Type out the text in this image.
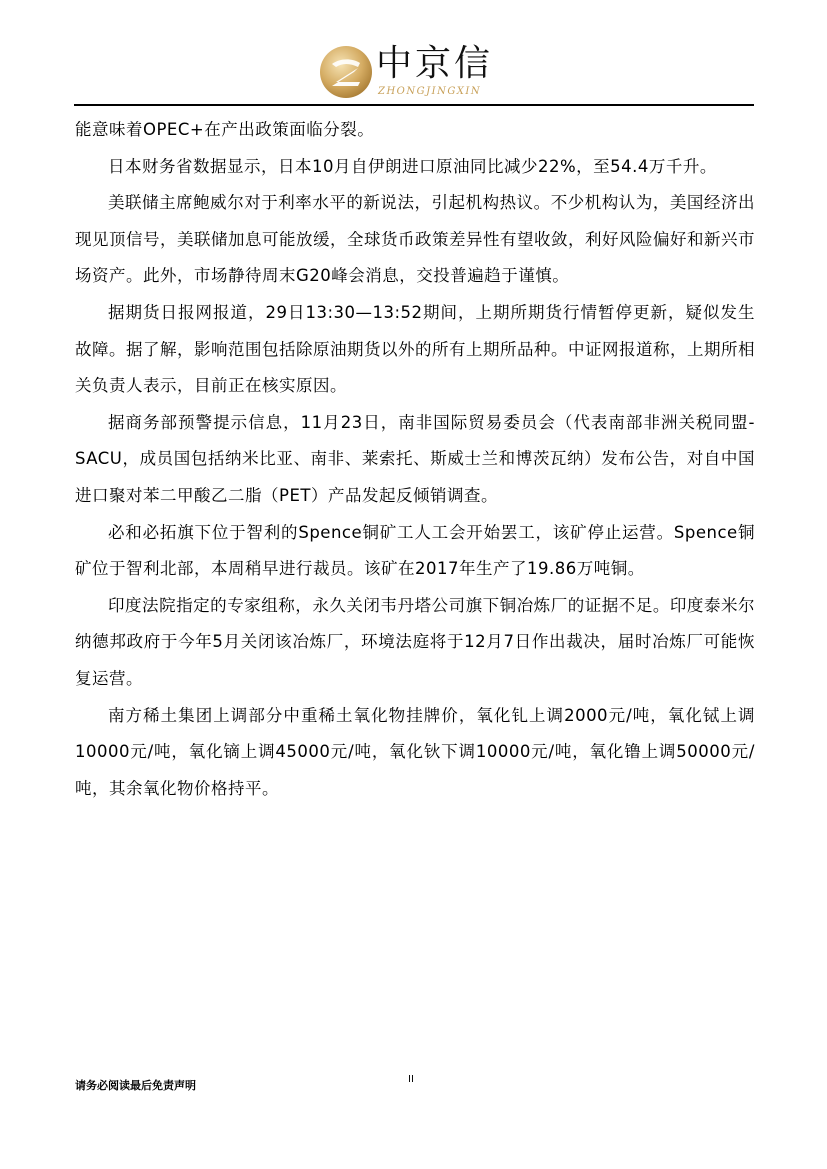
中京信
ZHONGJINGXIN

能意味着OPEC+在产出政策面临分裂。

日本财务省数据显示，日本10月自伊朗进口原油同比减少22%，至54.4万千升。

美联储主席鲍威尔对于利率水平的新说法，引起机构热议。不少机构认为，美国经济出现见顶信号，美联储加息可能放缓，全球货币政策差异性有望收敛，利好风险偏好和新兴市场资产。此外，市场静待周末G20峰会消息，交投普遍趋于谨慎。

据期货日报网报道，29日13:30—13:52期间，上期所期货行情暂停更新，疑似发生故障。据了解，影响范围包括除原油期货以外的所有上期所品种。中证网报道称，上期所相关负责人表示，目前正在核实原因。

据商务部预警提示信息，11月23日，南非国际贸易委员会（代表南部非洲关税同盟-SACU，成员国包括纳米比亚、南非、莱索托、斯威士兰和博茨瓦纳）发布公告，对自中国进口聚对苯二甲酸乙二脂（PET）产品发起反倾销调查。

必和必拓旗下位于智利的Spence铜矿工人工会开始罢工，该矿停止运营。Spence铜矿位于智利北部，本周稍早进行裁员。该矿在2017年生产了19.86万吨铜。

印度法院指定的专家组称，永久关闭韦丹塔公司旗下铜冶炼厂的证据不足。印度泰米尔纳德邦政府于今年5月关闭该冶炼厂，环境法庭将于12月7日作出裁决，届时冶炼厂可能恢复运营。

南方稀土集团上调部分中重稀土氧化物挂牌价，氧化钆上调2000元/吨，氧化铽上调10000元/吨，氧化镝上调45000元/吨，氧化钬下调10000元/吨，氧化镥上调50000元/吨，其余氧化物价格持平。

请务必阅读最后免责声明	II
